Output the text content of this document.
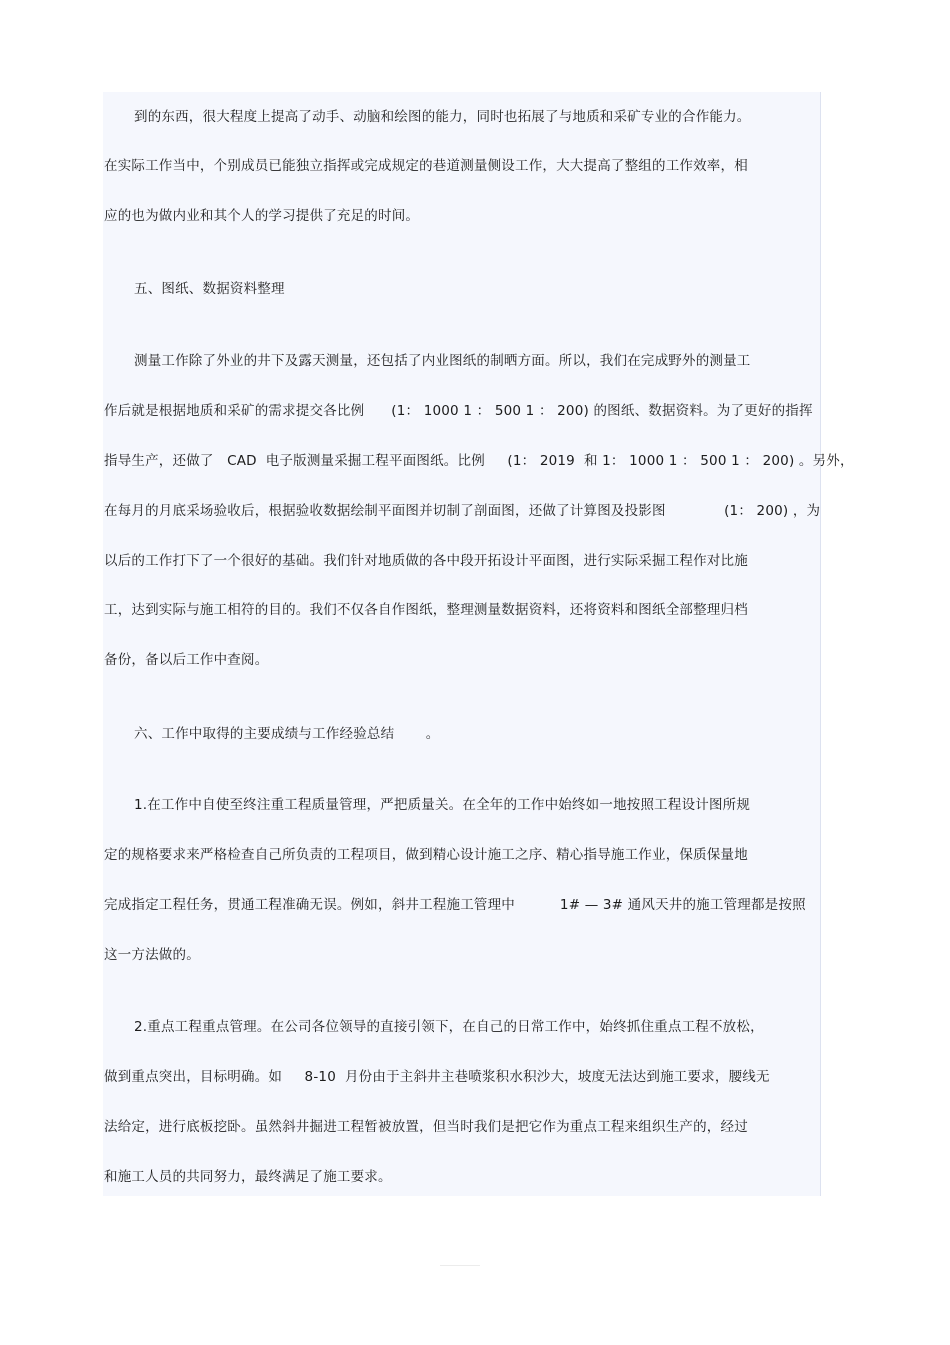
到的东西，很大程度上提高了动手、动脑和绘图的能力，同时也拓展了与地质和采矿专业的合作能力。
在实际工作当中，个别成员已能独立指挥或完成规定的巷道测量侧设工作，大大提高了整组的工作效率，相
应的也为做内业和其个人的学习提供了充足的时间。
五、图纸、数据资料整理
测量工作除了外业的井下及露天测量，还包括了内业图纸的制晒方面。所以，我们在完成野外的测量工
作后就是根据地质和采矿的需求提交各比例      (1： 1000 1 ： 500 1 ： 200) 的图纸、数据资料。为了更好的指挥
指导生产，还做了   CAD  电子版测量采掘工程平面图纸。比例     (1： 2019  和 1： 1000 1 ： 500 1 ： 200) 。另外，
在每月的月底采场验收后，根据验收数据绘制平面图并切制了剖面图，还做了计算图及投影图             (1： 200) ，为
以后的工作打下了一个很好的基础。我们针对地质做的各中段开拓设计平面图，进行实际采掘工程作对比施
工，达到实际与施工相符的目的。我们不仅各自作图纸，整理测量数据资料，还将资料和图纸全部整理归档
备份，备以后工作中查阅。
六、工作中取得的主要成绩与工作经验总结       。
1.在工作中自使至终注重工程质量管理，严把质量关。在全年的工作中始终如一地按照工程设计图所规
定的规格要求来严格检查自己所负责的工程项目，做到精心设计施工之序、精心指导施工作业，保质保量地
完成指定工程任务，贯通工程准确无误。例如，斜井工程施工管理中          1# — 3# 通风天井的施工管理都是按照
这一方法做的。
2.重点工程重点管理。在公司各位领导的直接引领下，在自己的日常工作中，始终抓住重点工程不放松，
做到重点突出，目标明确。如     8-10  月份由于主斜井主巷喷浆积水积沙大，坡度无法达到施工要求，腰线无
法给定，进行底板挖卧。虽然斜井掘进工程暂被放置，但当时我们是把它作为重点工程来组织生产的，经过
和施工人员的共同努力，最终满足了施工要求。
